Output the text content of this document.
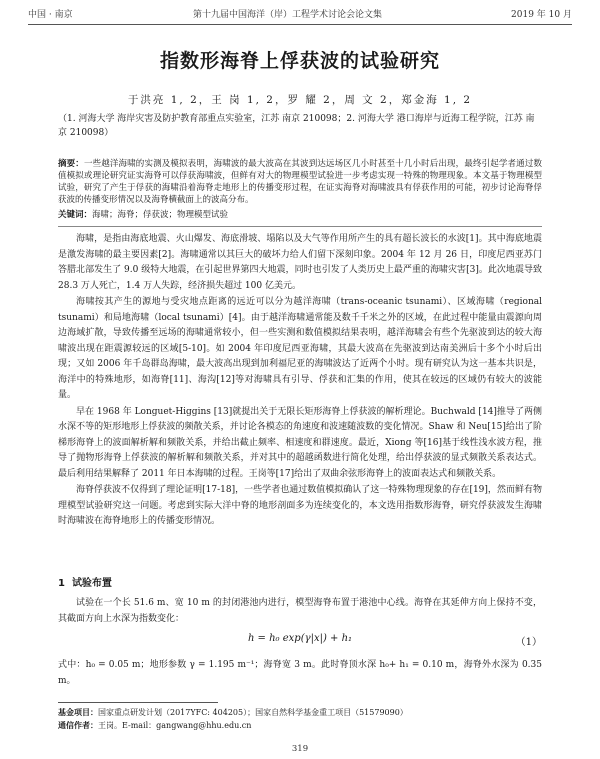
中国 · 南京	第十九届中国海洋（岸）工程学术讨论会论文集	2019 年 10 月
指数形海脊上俘获波的试验研究
于洪亮 1, 2，王 岗 1, 2，罗 耀 2，周 文 2，郑金海 1, 2
（1. 河海大学 海岸灾害及防护教育部重点实验室，江苏 南京 210098；2. 河海大学 港口海岸与近海工程学院，江苏 南京 210098）
摘要：一些越洋海啸的实测及模拟表明，海啸波的最大波高在其波到达远场区几小时甚至十几小时后出现，最终引起学者通过数值模拟或理论研究证实海脊可以俘获海啸波，但鲜有对大的物理模型试验进一步考虑实现一特殊的物理现象。本文基于物理模型试验，研究了产生于俘获的海啸沿着海脊走地形上的传播变形过程，在证实海脊对海啸波具有俘获作用的可能，初步讨论海脊俘获波的传播变形情况以及海脊横截面上的波高分布。
关键词：海啸；海脊；俘获波；物理模型试验

海啸，是指由海底地震、火山爆发、海底滑坡、塌陷以及大气等作用所产生的具有超长波长的水波[1]。其中海底地震是激发海啸的最主要因素[2]。海啸通常以其巨大的破坏力给人们留下深刻印象。2004 年 12 月 26 日，印度尼西亚苏门答腊北部发生了 9.0 级特大地震，在引起世界第四大地震，同时也引发了人类历史上最严重的海啸灾害[3]。此次地震导致 28.3 万人死亡，1.4 万人失踪，经济损失超过 100 亿美元。

海啸按其产生的源地与受灾地点距离的远近可以分为越洋海啸（trans-oceanic tsunami）、区域海啸（regional tsunami）和局地海啸（local tsunami）[4]。由于越洋海啸通常能及数千千米之外的区域，在此过程中能量由震源向周边海域扩散，导致传播至远场的海啸通常较小，但一些实测和数值模拟结果表明，越洋海啸会有些个先驱波到达的较大海啸波出现在距震源较远的区域[5-10]。如 2004 年印度尼西亚海啸，其最大波高在先驱波到达南美洲后十多个小时后出现；又如 2006 年千岛群岛海啸，最大波高出现到加利福尼亚的海啸波达了近两个小时。现有研究认为这一基本共识是，海洋中的特殊地形，如海脊[11]、海沟[12]等对海啸具有引导、俘获和汇集的作用，使其在较远的区域仍有较大的波能量。

早在 1968 年 Longuet-Higgins [13]就提出关于无限长矩形海脊上俘获波的解析理论。Buchwald [14]推导了两侧水深不等的矩形地形上俘获波的频散关系，并讨论各模态的角速度和波速随波数的变化情况。Shaw 和 Neu[15]给出了阶梯形海脊上的波面解析解和频散关系，并给出截止频率、相速度和群速度。最近，Xiong 等[16]基于线性浅水波方程，推导了抛物形海脊上俘获波的解析解和频散关系，并对其中的超越函数进行简化处理，给出俘获波的显式频散关系表达式。最后利用结果解释了 2011 年日本海啸的过程。王岗等[17]给出了双曲余弦形海脊上的波面表达式和频散关系。

海脊俘获波不仅得到了理论证明[17-18]，一些学者也通过数值模拟确认了这一特殊物理现象的存在[19]，然而鲜有物理模型试验研究这一问题。考虑到实际大洋中脊的地形剖面多为连续变化的，本文选用指数形海脊，研究俘获波发生海啸时海啸波在海脊地形上的传播变形情况。

1 试验布置

试验在一个长 51.6 m、宽 10 m 的封闭港池内进行，模型海脊布置于港池中心线。海脊在其延伸方向上保持不变，其截面方向上水深为指数变化：

h = h₀ exp(γ|x|) + h₁	（1）
式中：h₀ = 0.05 m；地形参数 γ = 1.195 m⁻¹；海脊宽 3 m。此时脊顶水深 h₀+ h₁ = 0.10 m，海脊外水深为 0.35 m。
基金项目：国家重点研发计划（2017YFC: 404205）；国家自然科学基金重工项目（51579090）
通信作者：王岗。E-mail：gangwang@hhu.edu.cn
319
